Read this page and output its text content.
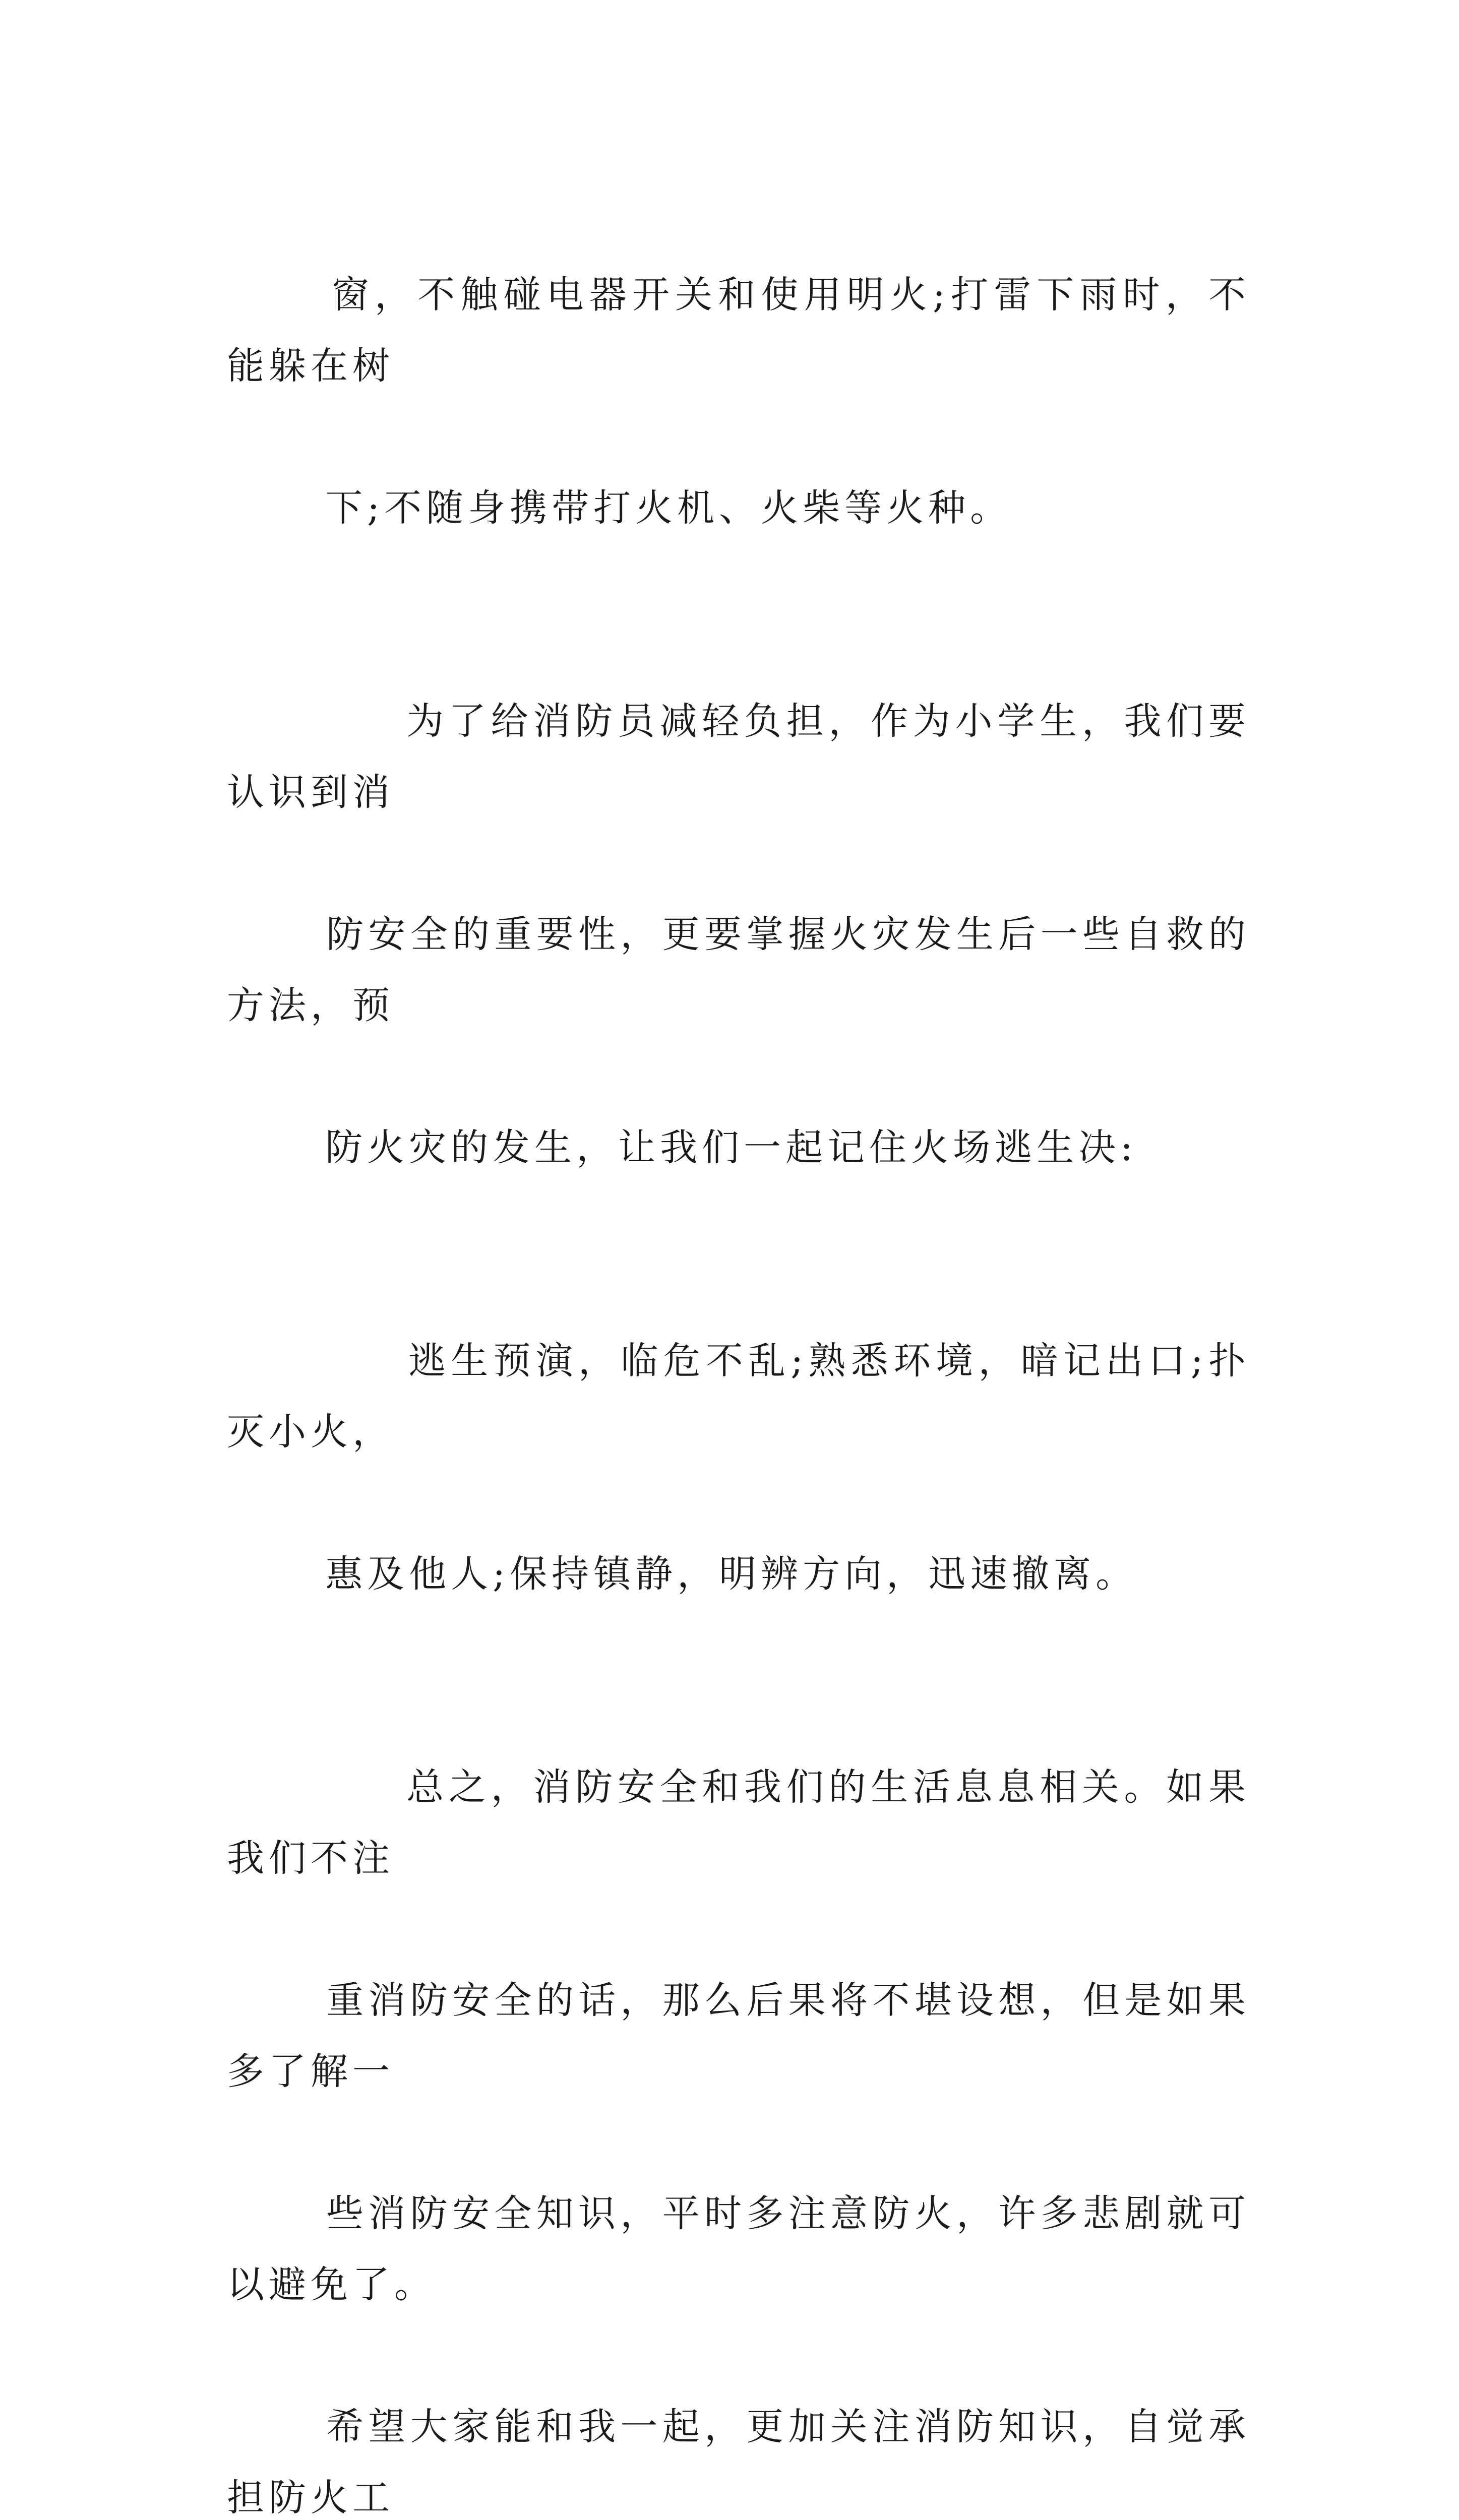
窗，不触碰电器开关和使用明火;打雷下雨时，不能躲在树

下;不随身携带打火机、火柴等火种。

为了给消防员减轻负担，作为小学生，我们要认识到消

防安全的重要性，更要掌握火灾发生后一些自救的方法，预

防火灾的发生，让我们一起记住火场逃生决:

逃生预演，临危不乱;熟悉环境，暗记出口;扑灭小火，

惠及他人;保持镇静，明辨方向，迅速撤离。

总之，消防安全和我们的生活息息相关。如果我们不注

重消防安全的话，那么后果将不堪设想，但是如果多了解一

些消防安全知识，平时多注意防火，许多悲剧就可以避免了。

希望大家能和我一起，更加关注消防知识，自觉承担防火工
